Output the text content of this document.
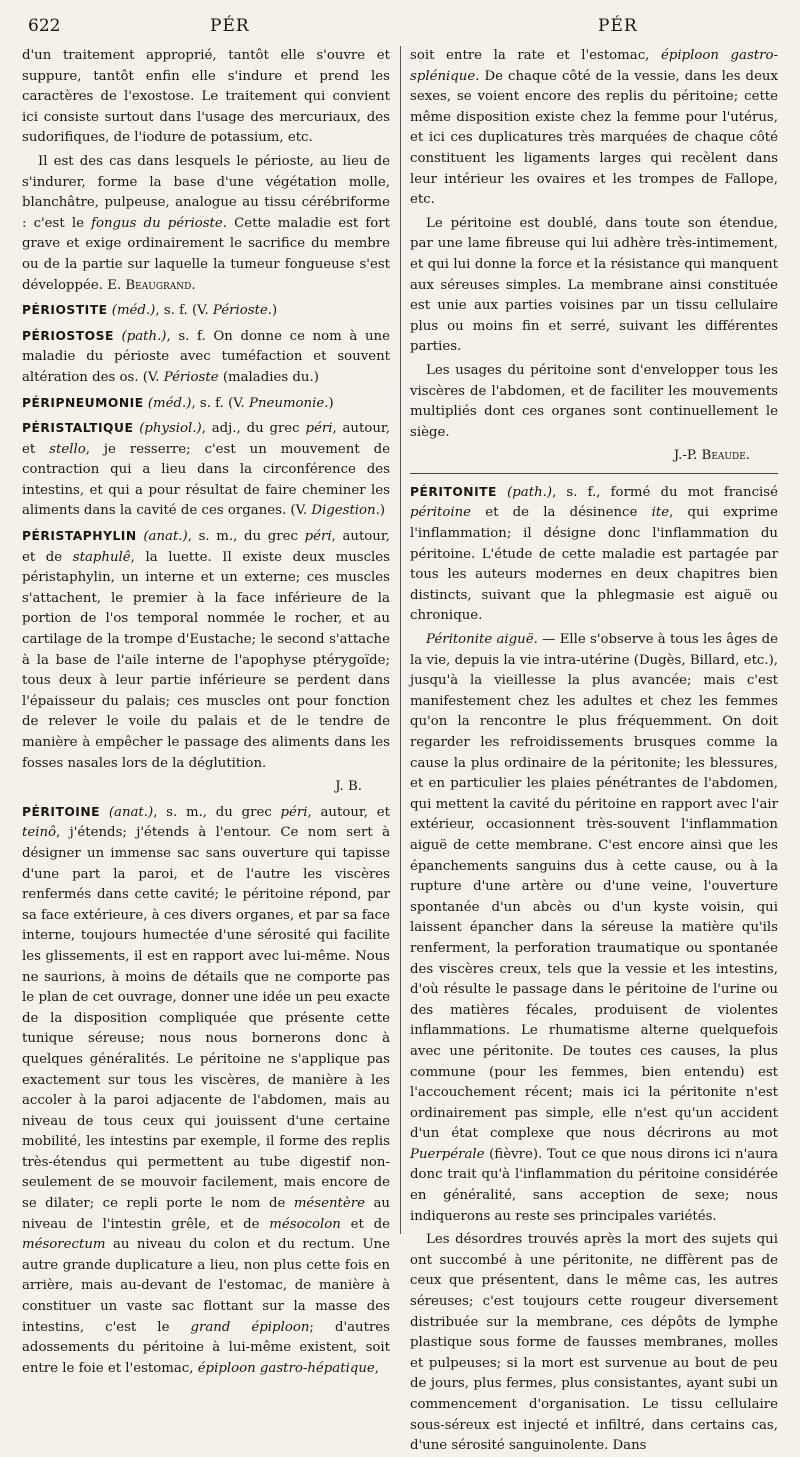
622	PÉR	PÉR

d'un traitement approprié, tantôt elle s'ouvre et suppure, tantôt enfin elle s'indure et prend les caractères de l'exostose. Le traitement qui convient ici consiste surtout dans l'usage des mercuriaux, des sudorifiques, de l'iodure de potassium, etc.

Il est des cas dans lesquels le périoste, au lieu de s'indurer, forme la base d'une végétation molle, blanchâtre, pulpeuse, analogue au tissu cérébriforme : c'est le fongus du périoste. Cette maladie est fort grave et exige ordinairement le sacrifice du membre ou de la partie sur laquelle la tumeur fongueuse s'est développée. E. Beaugrand.

PÉRIOSTITE (méd.), s. f. (V. Périoste.)

PÉRIOSTOSE (path.), s. f. On donne ce nom à une maladie du périoste avec tuméfaction et souvent altération des os. (V. Périoste (maladies du.)

PÉRIPNEUMONIE (méd.), s. f. (V. Pneumonie.)

PÉRISTALTIQUE (physiol.), adj., du grec péri, autour, et stello, je resserre; c'est un mouvement de contraction qui a lieu dans la circonférence des intestins, et qui a pour résultat de faire cheminer les aliments dans la cavité de ces organes. (V. Digestion.)

PÉRISTAPHYLIN (anat.), s. m., du grec péri, autour, et de staphulê, la luette. Il existe deux muscles péristaphylin, un interne et un externe; ces muscles s'attachent, le premier à la face inférieure de la portion de l'os temporal nommée le rocher, et au cartilage de la trompe d'Eustache; le second s'attache à la base de l'aile interne de l'apophyse ptérygoïde; tous deux à leur partie inférieure se perdent dans l'épaisseur du palais; ces muscles ont pour fonction de relever le voile du palais et de le tendre de manière à empêcher le passage des aliments dans les fosses nasales lors de la déglutition.

J. B.

PÉRITOINE (anat.), s. m., du grec péri, autour, et teinô, j'étends; j'étends à l'entour. Ce nom sert à désigner un immense sac sans ouverture qui tapisse d'une part la paroi, et de l'autre les viscères renfermés dans cette cavité; le péritoine répond, par sa face extérieure, à ces divers organes, et par sa face interne, toujours humectée d'une sérosité qui facilite les glissements, il est en rapport avec lui-même. Nous ne saurions, à moins de détails que ne comporte pas le plan de cet ouvrage, donner une idée un peu exacte de la disposition compliquée que présente cette tunique séreuse; nous nous bornerons donc à quelques généralités. Le péritoine ne s'applique pas exactement sur tous les viscères, de manière à les accoler à la paroi adjacente de l'abdomen, mais au niveau de tous ceux qui jouissent d'une certaine mobilité, les intestins par exemple, il forme des replis très-étendus qui permettent au tube digestif non-seulement de se mouvoir facilement, mais encore de se dilater; ce repli porte le nom de mésentère au niveau de l'intestin grêle, et de mésocolon et de mésorectum au niveau du colon et du rectum. Une autre grande duplicature a lieu, non plus cette fois en arrière, mais au-devant de l'estomac, de manière à constituer un vaste sac flottant sur la masse des intestins, c'est le grand épiploon; d'autres adossements du péritoine à lui-même existent, soit entre le foie et l'estomac, épiploon gastro-hépatique,

soit entre la rate et l'estomac, épiploon gastro-splénique. De chaque côté de la vessie, dans les deux sexes, se voient encore des replis du péritoine; cette même disposition existe chez la femme pour l'utérus, et ici ces duplicatures très marquées de chaque côté constituent les ligaments larges qui recèlent dans leur intérieur les ovaires et les trompes de Fallope, etc.

Le péritoine est doublé, dans toute son étendue, par une lame fibreuse qui lui adhère très-intimement, et qui lui donne la force et la résistance qui manquent aux séreuses simples. La membrane ainsi constituée est unie aux parties voisines par un tissu cellulaire plus ou moins fin et serré, suivant les différentes parties.

Les usages du péritoine sont d'envelopper tous les viscères de l'abdomen, et de faciliter les mouvements multipliés dont ces organes sont continuellement le siège.

J.-P. Beaude.

PÉRITONITE (path.), s. f., formé du mot francisé péritoine et de la désinence ite, qui exprime l'inflammation; il désigne donc l'inflammation du péritoine. L'étude de cette maladie est partagée par tous les auteurs modernes en deux chapitres bien distincts, suivant que la phlegmasie est aiguë ou chronique.

Péritonite aiguë. — Elle s'observe à tous les âges de la vie, depuis la vie intra-utérine (Dugès, Billard, etc.), jusqu'à la vieillesse la plus avancée; mais c'est manifestement chez les adultes et chez les femmes qu'on la rencontre le plus fréquemment. On doit regarder les refroidissements brusques comme la cause la plus ordinaire de la péritonite; les blessures, et en particulier les plaies pénétrantes de l'abdomen, qui mettent la cavité du péritoine en rapport avec l'air extérieur, occasionnent très-souvent l'inflammation aiguë de cette membrane. C'est encore ainsi que les épanchements sanguins dus à cette cause, ou à la rupture d'une artère ou d'une veine, l'ouverture spontanée d'un abcès ou d'un kyste voisin, qui laissent épancher dans la séreuse la matière qu'ils renferment, la perforation traumatique ou spontanée des viscères creux, tels que la vessie et les intestins, d'où résulte le passage dans le péritoine de l'urine ou des matières fécales, produisent de violentes inflammations. Le rhumatisme alterne quelquefois avec une péritonite. De toutes ces causes, la plus commune (pour les femmes, bien entendu) est l'accouchement récent; mais ici la péritonite n'est ordinairement pas simple, elle n'est qu'un accident d'un état complexe que nous décrirons au mot Puerpérale (fièvre). Tout ce que nous dirons ici n'aura donc trait qu'à l'inflammation du péritoine considérée en généralité, sans acception de sexe; nous indiquerons au reste ses principales variétés.

Les désordres trouvés après la mort des sujets qui ont succombé à une péritonite, ne diffèrent pas de ceux que présentent, dans le même cas, les autres séreuses; c'est toujours cette rougeur diversement distribuée sur la membrane, ces dépôts de lymphe plastique sous forme de fausses membranes, molles et pulpeuses; si la mort est survenue au bout de peu de jours, plus fermes, plus consistantes, ayant subi un commencement d'organisation. Le tissu cellulaire sous-séreux est injecté et infiltré, dans certains cas, d'une sérosité sanguinolente. Dans
